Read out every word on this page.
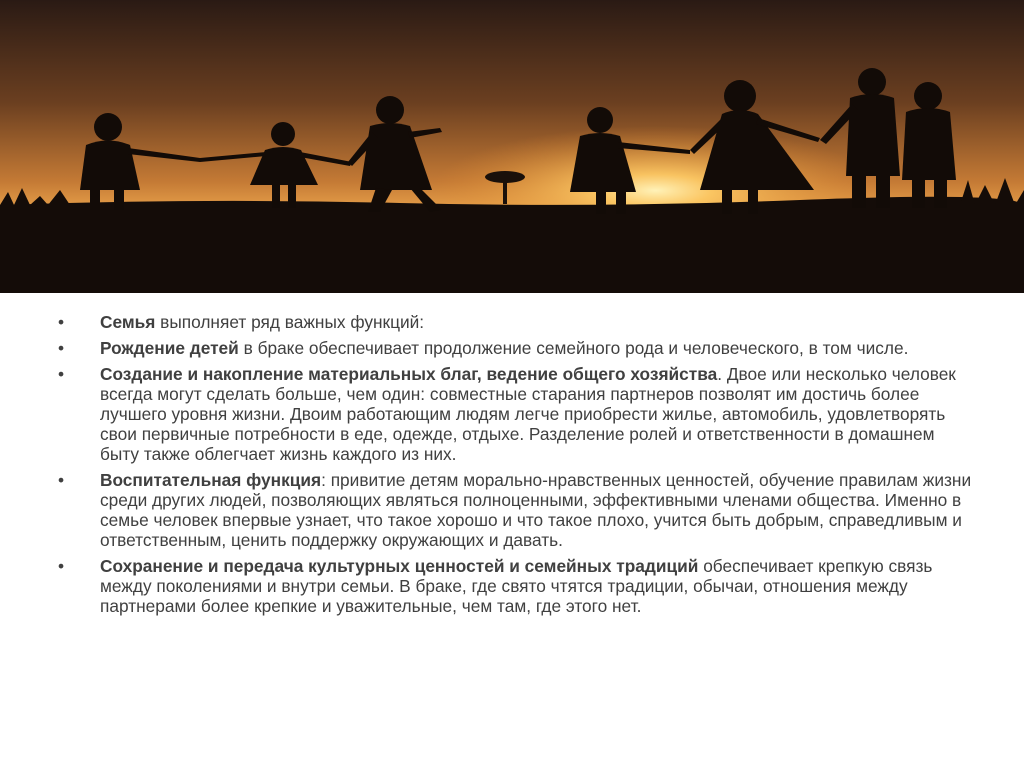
• Семья выполняет ряд важных функций:
• Рождение детей в браке обеспечивает продолжение семейного рода и человеческого, в том числе.
• Создание и накопление материальных благ, ведение общего хозяйства. Двое или несколько человек всегда могут сделать больше, чем один: совместные старания партнеров позволят им достичь более лучшего уровня жизни. Двоим работающим людям легче приобрести жилье, автомобиль, удовлетворять свои первичные потребности в еде, одежде, отдыхе. Разделение ролей и ответственности в домашнем быту также облегчает жизнь каждого из них.
• Воспитательная функция: привитие детям морально-нравственных ценностей, обучение правилам жизни среди других людей, позволяющих являться полноценными, эффективными членами общества. Именно в семье человек впервые узнает, что такое хорошо и что такое плохо, учится быть добрым, справедливым и ответственным, ценить поддержку окружающих и давать.
• Сохранение и передача культурных ценностей и семейных традиций обеспечивает крепкую связь между поколениями и внутри семьи. В браке, где свято чтятся традиции, обычаи, отношения между партнерами более крепкие и уважительные, чем там, где этого нет.
